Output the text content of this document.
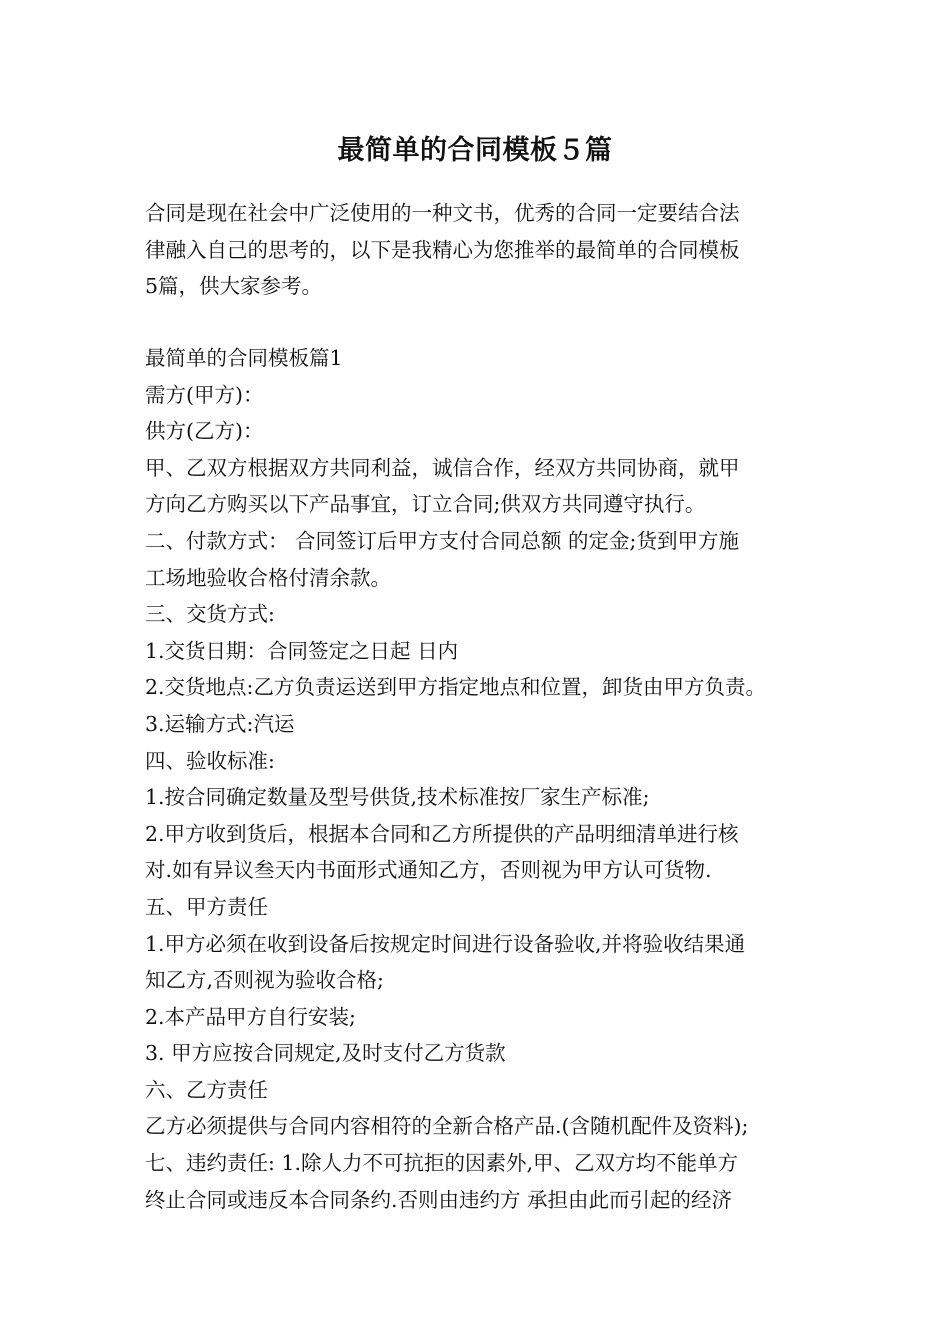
最简单的合同模板５篇
合同是现在社会中广泛使用的一种文书，优秀的合同一定要结合法
律融入自己的思考的，以下是我精心为您推举的最简单的合同模板
5篇，供大家参考。
最简单的合同模板篇1
需方(甲方)：
供方(乙方)：
甲、乙双方根据双方共同利益，诚信合作，经双方共同协商，就甲
方向乙方购买以下产品事宜，订立合同;供双方共同遵守执行。
二、付款方式： 合同签订后甲方支付合同总额 的定金;货到甲方施
工场地验收合格付清余款。
三、交货方式:
1.交货日期：合同签定之日起 日内
2.交货地点:乙方负责运送到甲方指定地点和位置，卸货由甲方负责。
3.运输方式:汽运
四、验收标准:
1.按合同确定数量及型号供货,技术标准按厂家生产标准;
2.甲方收到货后，根据本合同和乙方所提供的产品明细清单进行核
对.如有异议叁天内书面形式通知乙方，否则视为甲方认可货物.
五、甲方责任
1.甲方必须在收到设备后按规定时间进行设备验收,并将验收结果通
知乙方,否则视为验收合格;
2.本产品甲方自行安装;
3. 甲方应按合同规定,及时支付乙方货款
六、乙方责任
乙方必须提供与合同内容相符的全新合格产品.(含随机配件及资料);
七、违约责任: 1.除人力不可抗拒的因素外,甲、乙双方均不能单方
终止合同或违反本合同条约.否则由违约方 承担由此而引起的经济
